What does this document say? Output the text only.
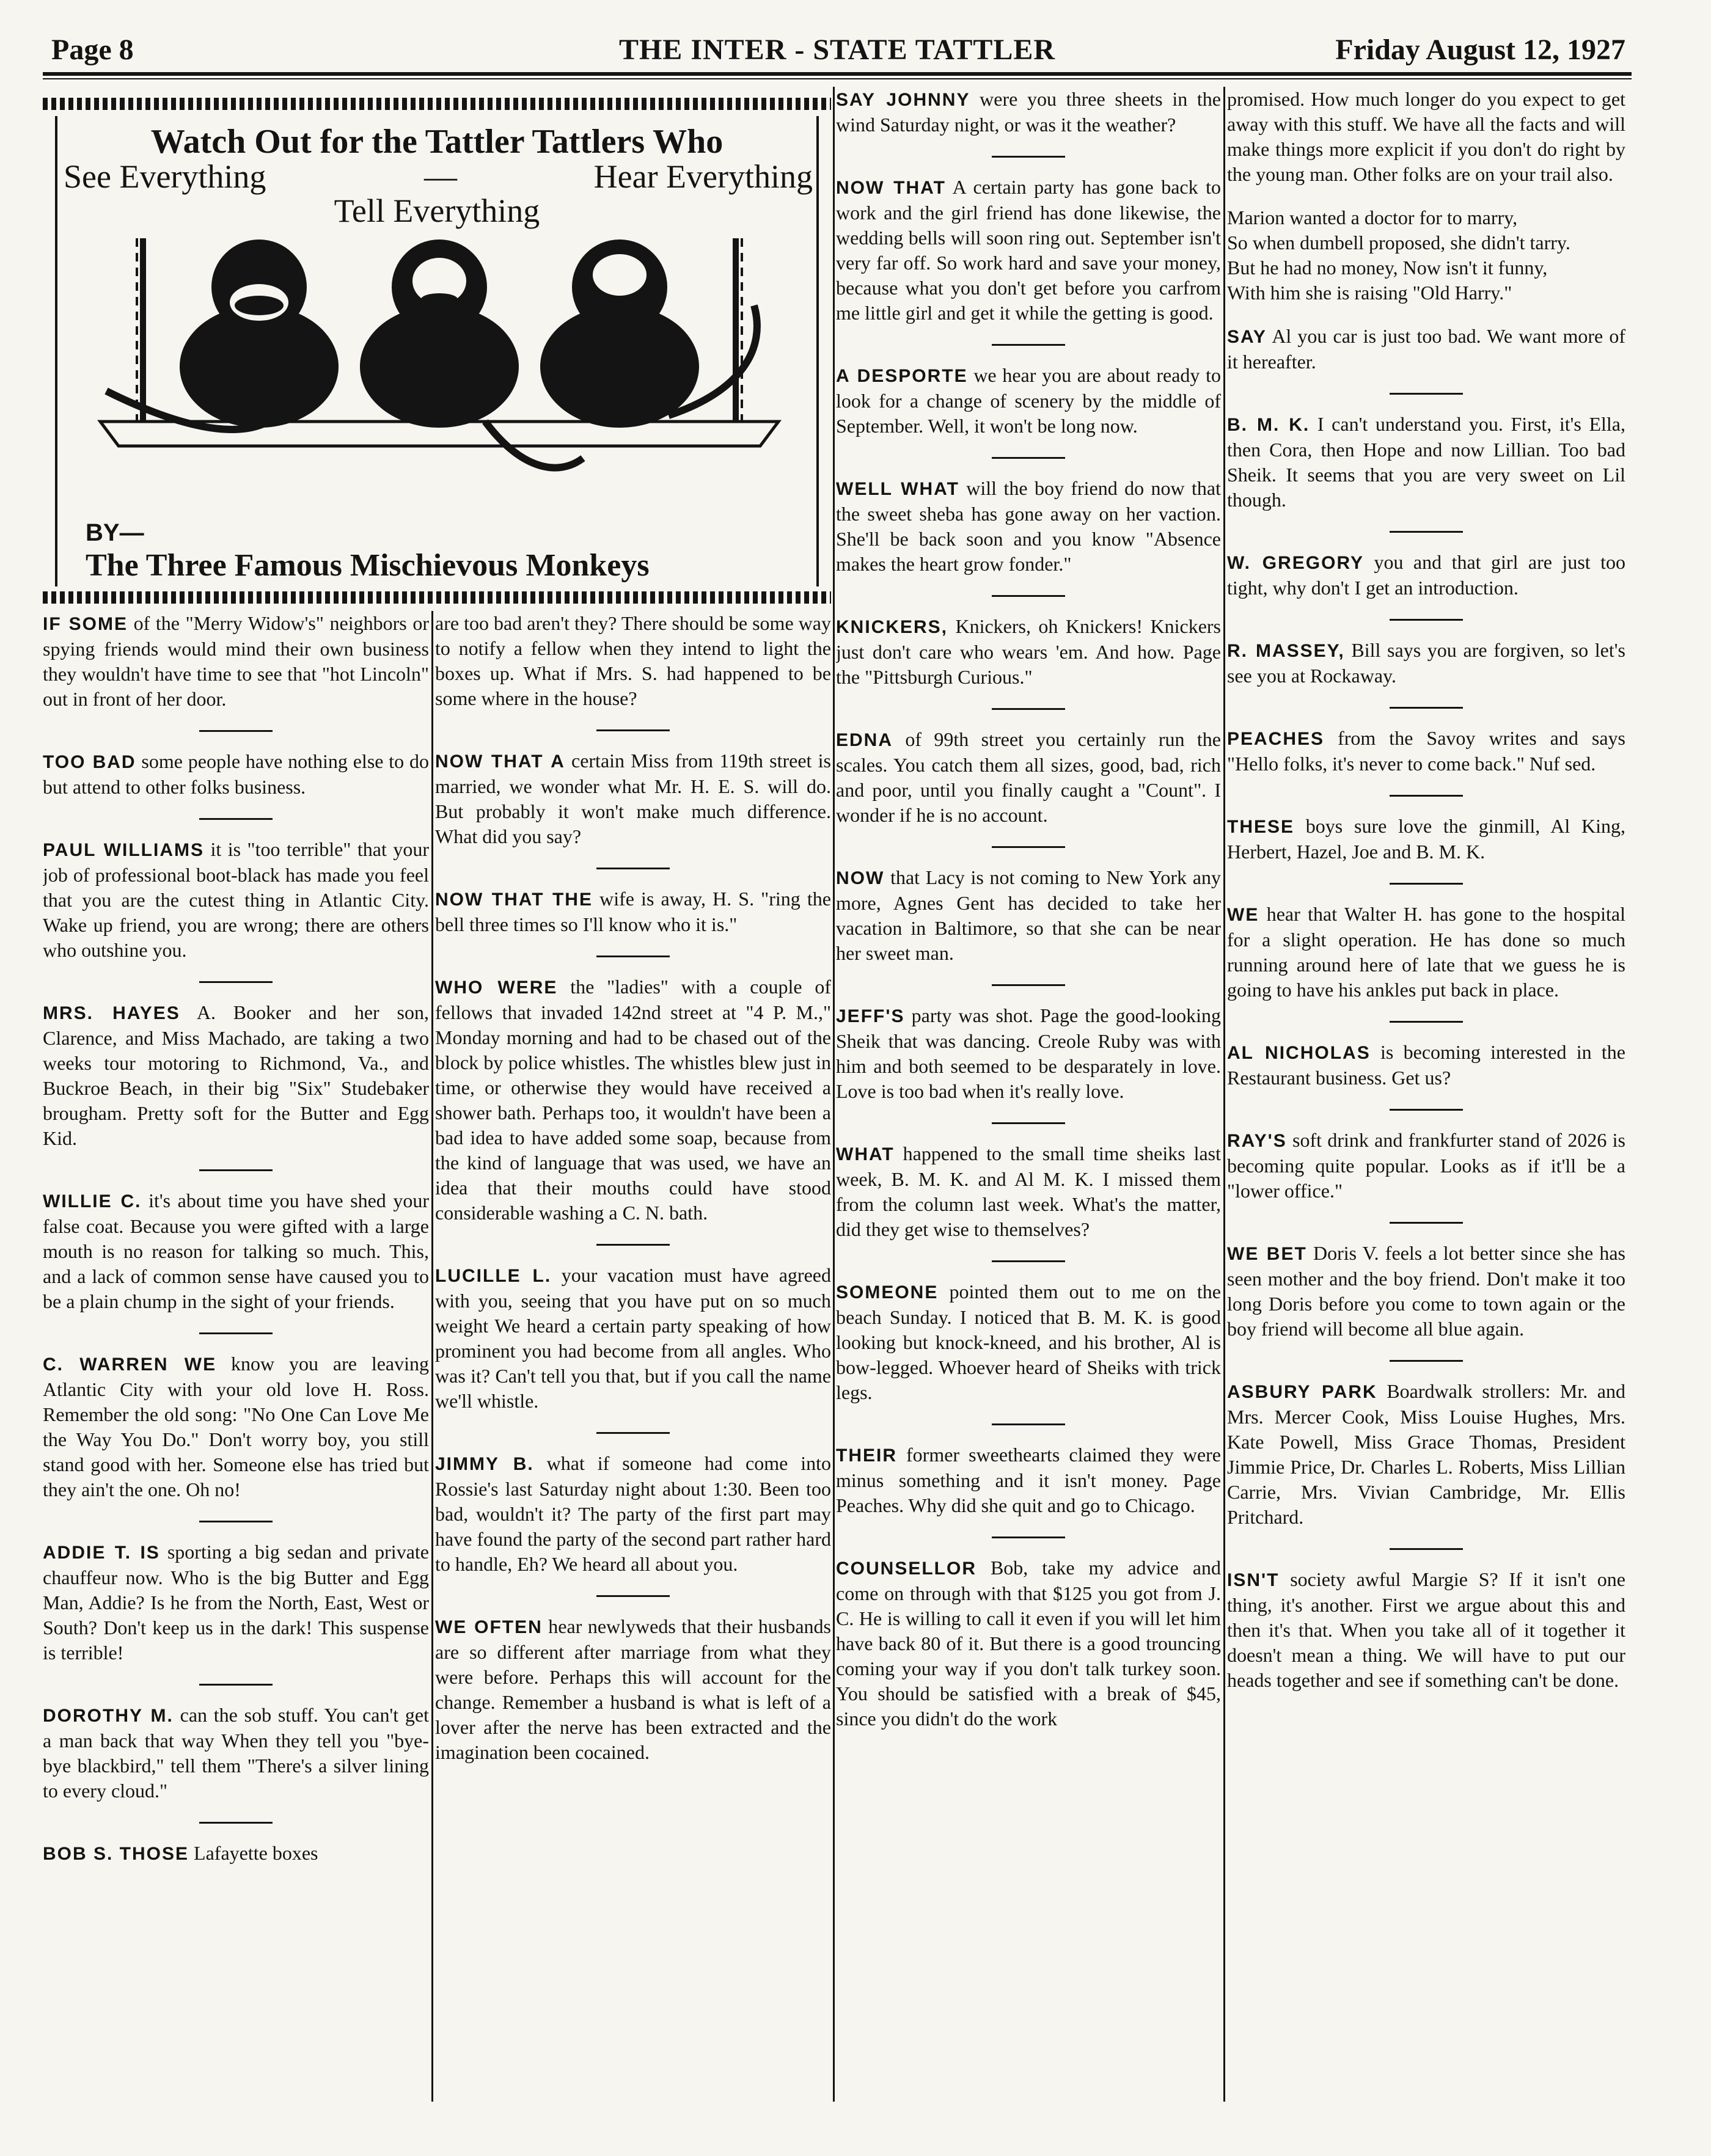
Page 8	THE INTER - STATE TATTLER	Friday August 12, 1927
Watch Out for the Tattler Tattlers Who
See Everything	—	Hear Everything
Tell Everything
BY—
The Three Famous Mischievous Monkeys
IF SOME of the "Merry Widow's" neighbors or spying friends would mind their own business they wouldn't have time to see that "hot Lincoln" out in front of her door.
TOO BAD some people have nothing else to do but attend to other folks business.
PAUL WILLIAMS it is "too terrible" that your job of professional boot-black has made you feel that you are the cutest thing in Atlantic City. Wake up friend, you are wrong; there are others who outshine you.
MRS. HAYES A. Booker and her son, Clarence, and Miss Machado, are taking a two weeks tour motoring to Richmond, Va., and Buckroe Beach, in their big "Six" Studebaker brougham. Pretty soft for the Butter and Egg Kid.
WILLIE C. it's about time you have shed your false coat. Because you were gifted with a large mouth is no reason for talking so much. This, and a lack of common sense have caused you to be a plain chump in the sight of your friends.
C. WARREN WE know you are leaving Atlantic City with your old love H. Ross. Remember the old song: "No One Can Love Me the Way You Do." Don't worry boy, you still stand good with her. Someone else has tried but they ain't the one. Oh no!
ADDIE T. IS sporting a big sedan and private chauffeur now. Who is the big Butter and Egg Man, Addie? Is he from the North, East, West or South? Don't keep us in the dark! This suspense is terrible!
DOROTHY M. can the sob stuff. You can't get a man back that way When they tell you "bye-bye blackbird," tell them "There's a silver lining to every cloud."
BOB S. THOSE Lafayette boxes
are too bad aren't they? There should be some way to notify a fellow when they intend to light the boxes up. What if Mrs. S. had happened to be some where in the house?
NOW THAT A certain Miss from 119th street is married, we wonder what Mr. H. E. S. will do. But probably it won't make much difference. What did you say?
NOW THAT THE wife is away, H. S. "ring the bell three times so I'll know who it is."
WHO WERE the "ladies" with a couple of fellows that invaded 142nd street at "4 P. M.," Monday morning and had to be chased out of the block by police whistles. The whistles blew just in time, or otherwise they would have received a shower bath. Perhaps too, it wouldn't have been a bad idea to have added some soap, because from the kind of language that was used, we have an idea that their mouths could have stood considerable washing a C. N. bath.
LUCILLE L. your vacation must have agreed with you, seeing that you have put on so much weight We heard a certain party speaking of how prominent you had become from all angles. Who was it? Can't tell you that, but if you call the name we'll whistle.
JIMMY B. what if someone had come into Rossie's last Saturday night about 1:30. Been too bad, wouldn't it? The party of the first part may have found the party of the second part rather hard to handle, Eh? We heard all about you.
WE OFTEN hear newlyweds that their husbands are so different after marriage from what they were before. Perhaps this will account for the change. Remember a husband is what is left of a lover after the nerve has been extracted and the imagination been cocained.
SAY JOHNNY were you three sheets in the wind Saturday night, or was it the weather?
NOW THAT A certain party has gone back to work and the girl friend has done likewise, the wedding bells will soon ring out. September isn't very far off. So work hard and save your money, because what you don't get before you carfrom me little girl and get it while the getting is good.
A DESPORTE we hear you are about ready to look for a change of scenery by the middle of September. Well, it won't be long now.
WELL WHAT will the boy friend do now that the sweet sheba has gone away on her vaction. She'll be back soon and you know "Absence makes the heart grow fonder."
KNICKERS, Knickers, oh Knickers! Knickers just don't care who wears 'em. And how. Page the "Pittsburgh Curious."
EDNA of 99th street you certainly run the scales. You catch them all sizes, good, bad, rich and poor, until you finally caught a "Count". I wonder if he is no account.
NOW that Lacy is not coming to New York any more, Agnes Gent has decided to take her vacation in Baltimore, so that she can be near her sweet man.
JEFF'S party was shot. Page the good-looking Sheik that was dancing. Creole Ruby was with him and both seemed to be desparately in love. Love is too bad when it's really love.
WHAT happened to the small time sheiks last week, B. M. K. and Al M. K. I missed them from the column last week. What's the matter, did they get wise to themselves?
SOMEONE pointed them out to me on the beach Sunday. I noticed that B. M. K. is good looking but knock-kneed, and his brother, Al is bow-legged. Whoever heard of Sheiks with trick legs.
THEIR former sweethearts claimed they were minus something and it isn't money. Page Peaches. Why did she quit and go to Chicago.
COUNSELLOR Bob, take my advice and come on through with that $125 you got from J. C. He is willing to call it even if you will let him have back 80 of it. But there is a good trouncing coming your way if you don't talk turkey soon. You should be satisfied with a break of $45, since you didn't do the work
promised. How much longer do you expect to get away with this stuff. We have all the facts and will make things more explicit if you don't do right by the young man. Other folks are on your trail also.

Marion wanted a doctor for to marry,

So when dumbell proposed, she didn't tarry.

But he had no money, Now isn't it funny,

With him she is raising "Old Harry."

SAY Al you car is just too bad. We want more of it hereafter.
B. M. K. I can't understand you. First, it's Ella, then Cora, then Hope and now Lillian. Too bad Sheik. It seems that you are very sweet on Lil though.
W. GREGORY you and that girl are just too tight, why don't I get an introduction.
R. MASSEY, Bill says you are forgiven, so let's see you at Rockaway.
PEACHES from the Savoy writes and says "Hello folks, it's never to come back." Nuf sed.
THESE boys sure love the ginmill, Al King, Herbert, Hazel, Joe and B. M. K.
WE hear that Walter H. has gone to the hospital for a slight operation. He has done so much running around here of late that we guess he is going to have his ankles put back in place.
AL NICHOLAS is becoming interested in the Restaurant business. Get us?
RAY'S soft drink and frankfurter stand of 2026 is becoming quite popular. Looks as if it'll be a "lower office."
WE BET Doris V. feels a lot better since she has seen mother and the boy friend. Don't make it too long Doris before you come to town again or the boy friend will become all blue again.
ASBURY PARK Boardwalk strollers: Mr. and Mrs. Mercer Cook, Miss Louise Hughes, Mrs. Kate Powell, Miss Grace Thomas, President Jimmie Price, Dr. Charles L. Roberts, Miss Lillian Carrie, Mrs. Vivian Cambridge, Mr. Ellis Pritchard.
ISN'T society awful Margie S? If it isn't one thing, it's another. First we argue about this and then it's that. When you take all of it together it doesn't mean a thing. We will have to put our heads together and see if something can't be done.
